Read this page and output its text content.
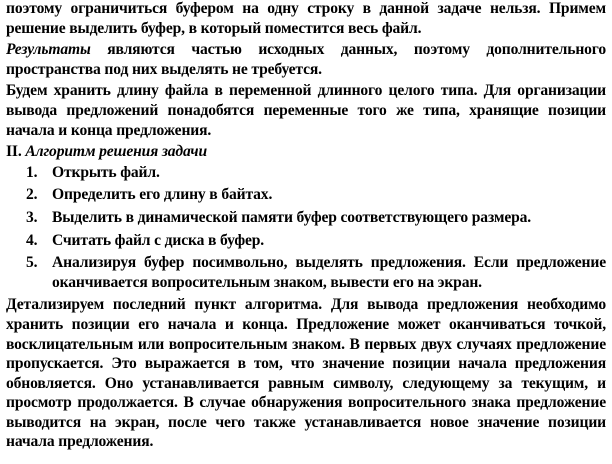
поэтому ограничиться буфером на одну строку в данной задаче нельзя. Примем решение выделить буфер, в который поместится весь файл.

Результаты являются частью исходных данных, поэтому дополнительного пространства под них выделять не требуется.

Будем хранить длину файла в переменной длинного целого типа. Для организации вывода предложений понадобятся переменные того же типа, хранящие позиции начала и конца предложения.

II. Алгоритм решения задачи
1. Открыть файл.
2. Определить его длину в байтах.
3. Выделить в динамической памяти буфер соответствующего размера.
4. Считать файл с диска в буфер.
5. Анализируя буфер посимвольно, выделять предложения. Если предложение оканчивается вопросительным знаком, вывести его на экран.

Детализируем последний пункт алгоритма. Для вывода предложения необходимо хранить позиции его начала и конца. Предложение может оканчиваться точкой, восклицательным или вопросительным знаком. В первых двух случаях предложение пропускается. Это выражается в том, что значение позиции начала предложения обновляется. Оно устанавливается равным символу, следующему за текущим, и просмотр продолжается. В случае обнаружения вопросительного знака предложение выводится на экран, после чего также устанавливается новое значение позиции начала предложения.
